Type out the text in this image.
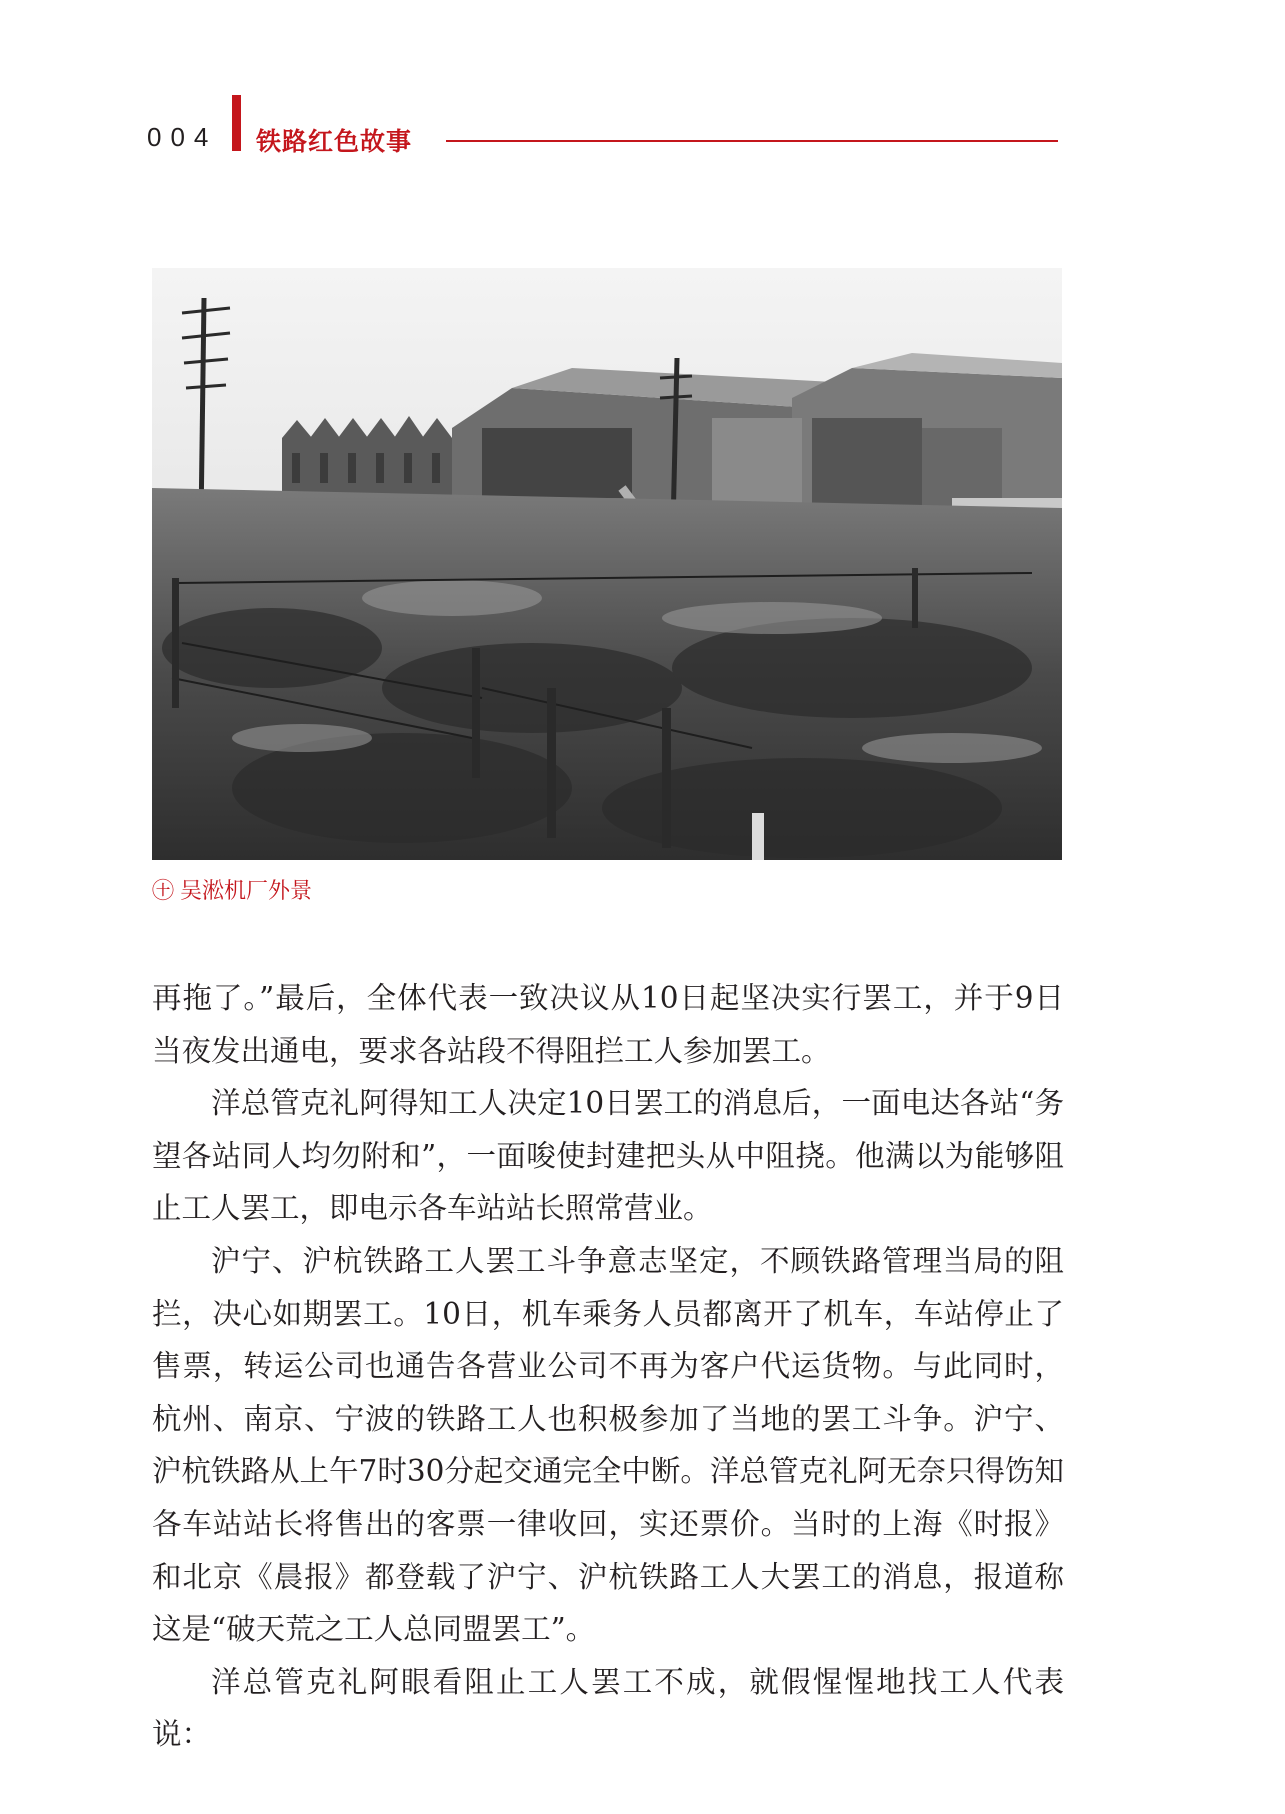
004 铁路红色故事
㊉ 吴淞机厂外景

再拖了。”最后，全体代表一致决议从10日起坚决实行罢工，并于9日当夜发出通电，要求各站段不得阻拦工人参加罢工。

洋总管克礼阿得知工人决定10日罢工的消息后，一面电达各站“务望各站同人均勿附和”，一面唆使封建把头从中阻挠。他满以为能够阻止工人罢工，即电示各车站站长照常营业。

沪宁、沪杭铁路工人罢工斗争意志坚定，不顾铁路管理当局的阻拦，决心如期罢工。10日，机车乘务人员都离开了机车，车站停止了售票，转运公司也通告各营业公司不再为客户代运货物。与此同时，杭州、南京、宁波的铁路工人也积极参加了当地的罢工斗争。沪宁、沪杭铁路从上午7时30分起交通完全中断。洋总管克礼阿无奈只得饬知各车站站长将售出的客票一律收回，实还票价。当时的上海《时报》和北京《晨报》都登载了沪宁、沪杭铁路工人大罢工的消息，报道称这是“破天荒之工人总同盟罢工”。

洋总管克礼阿眼看阻止工人罢工不成，就假惺惺地找工人代表说：
